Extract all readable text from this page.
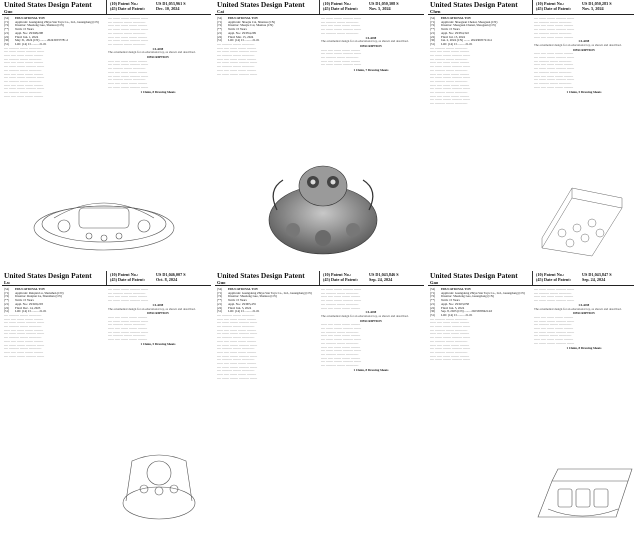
United States Design Patent
Guo
(10) Patent No.:	US D1,053,961 S
(45) Date of Patent:	Dec. 10, 2024
(54)	EDUCATIONAL TOY
(71)	Applicant: Guangdong Zhiyu Star Toys Co., Ltd., Guangdong (CN)
(72)	Inventor: Shaofeng Guo, Shantou (CN)
(**)	Term: 15 Years
(21)	Appl. No.: 29/948,298
(22)	Filed: Jun. 1, 2024
(30)	May 31, 2024 (CN) ........ 202430337781.2
(51)	LOC (14) Cl. ........ 21-01
---- ---------- -------- ------------
---- ------- -------- ---------- -------
------ ----- ------- -------- ---------
---- ---------- -------- ------------
------ ----- ------- -------- ---------
---- ------- -------- ---------- -------
---- ---------- -------- ------------
------ ----- ------- -------- ---------
---- ------- -------- ---------- -------
---- ---------- -------- ------------
------ ----- ------- -------- ---------
---- ------- -------- ---------- -------
---- ---------- -------- ------------
------ ----- ------- -------- ---------
---- ------- -------- ---------- -------
---- ---------- -------- ------------
------ ----- ------- -------- ---------
---- ------- -------- ---------- -------
---- ---------- -------- ------------
------ ----- ------- -------- ---------
---- ------- -------- ---------- -------
---- ---------- -------- ------------
CLAIM
The ornamental design for an educational toy, as shown and described.
DESCRIPTION
------ ----- ------- -------- ---------
---- ------- -------- ---------- -------
---- ---------- -------- ------------
------ ----- ------- -------- ---------
---- ------- -------- ---------- -------
---- ---------- -------- ------------
------ ----- ------- -------- ---------
---- ------- -------- ---------- -------
1 Claim, 8 Drawing Sheets
United States Design Patent
Cai
(10) Patent No.:	US D1,050,308 S
(45) Date of Patent:	Nov. 5, 2024
(54)	EDUCATIONAL TOY
(71)	Applicant: Shaojie Cai, Shantou (CN)
(72)	Inventor: Shaojie Cai, Shantou (CN)
(**)	Term: 15 Years
(21)	Appl. No.: 29/954,299
(22)	Filed: Mar. 15, 2024
(51)	LOC (14) Cl. ........ 21-01
---- ---------- -------- ------------
------ ----- ------- -------- ---------
---- ------- -------- ---------- -------
---- ---------- -------- ------------
------ ----- ------- -------- ---------
---- ------- -------- ---------- -------
---- ---------- -------- ------------
------ ----- ------- -------- ---------
---- ------- -------- ---------- -------
---- ------- -------- ---------- -------
---- ---------- -------- ------------
------ ----- ------- -------- ---------
---- ------- -------- ---------- -------
---- ---------- -------- ------------
CLAIM
The ornamental design for an educational toy, as shown and described.
DESCRIPTION
------ ----- ------- -------- ---------
---- ------- -------- ---------- -------
---- ---------- -------- ------------
------ ----- ------- -------- ---------
---- ------- -------- ---------- -------
1 Claim, 7 Drawing Sheets
United States Design Patent
Chen
(10) Patent No.:	US D1,050,283 S
(45) Date of Patent:	Nov. 5, 2024
(54)	EDUCATIONAL TOY
(71)	Applicant: Shaoguan Chenai, Shaoguan (CN)
(72)	Inventor: Shaoguan Chenai, Shaoguan (CN)
(**)	Term: 15 Years
(21)	Appl. No.: 29/954,322
(22)	Filed: Jul. 13, 2024
(30)	Jan. 2, 2024 (CN) ........ 202430057210.4
(51)	LOC (14) Cl. ........ 21-01
---- ---------- -------- ------------
------ ----- ------- -------- ---------
---- ------- -------- ---------- -------
---- ---------- -------- ------------
------ ----- ------- -------- ---------
---- ------- -------- ---------- -------
---- ---------- -------- ------------
------ ----- ------- -------- ---------
---- ------- -------- ---------- -------
---- ---------- -------- ------------
------ ----- ------- -------- ---------
---- ------- -------- ---------- -------
---- ---------- -------- ------------
------ ----- ------- -------- ---------
---- ------- -------- ---------- -------
---- ---------- -------- ------------
---- ------- -------- ---------- -------
---- ---------- -------- ------------
------ ----- ------- -------- ---------
---- ------- -------- ---------- -------
---- ---------- -------- ------------
------ ----- ------- -------- ---------
CLAIM
The ornamental design for an educational toy, as shown and described.
DESCRIPTION
------ ----- ------- -------- ---------
---- ------- -------- ---------- -------
---- ---------- -------- ------------
------ ----- ------- -------- ---------
---- ------- -------- ---------- -------
---- ---------- -------- ------------
------ ----- ------- -------- ---------
---- ------- -------- ---------- -------
---- ---------- -------- ------------
------ ----- ------- -------- ---------
1 Claim, 5 Drawing Sheets
United States Design Patent
Lu
(10) Patent No.:	US D1,046,007 S
(45) Date of Patent:	Oct. 8, 2024
(54)	EDUCATIONAL TOY
(71)	Applicant: Ruiqian Lu, Shenzhen (CN)
(72)	Inventor: Ruiqian Lu, Shenzhen (CN)
(**)	Term: 15 Years
(21)	Appl. No.: 29/929,203
(22)	Filed: Dec. 14, 2023
(51)	LOC (14) Cl. ........ 21-01
---- ---------- -------- ------------
------ ----- ------- -------- ---------
---- ------- -------- ---------- -------
---- ---------- -------- ------------
------ ----- ------- -------- ---------
---- ------- -------- ---------- -------
---- ---------- -------- ------------
------ ----- ------- -------- ---------
---- ------- -------- ---------- -------
---- ---------- -------- ------------
------ ----- ------- -------- ---------
---- ------- -------- ---------- -------
---- ------- -------- ---------- -------
---- ---------- -------- ------------
------ ----- ------- -------- ---------
---- ------- -------- ---------- -------
CLAIM
The ornamental design for an educational toy, as shown and described.
DESCRIPTION
------ ----- ------- -------- ---------
---- ------- -------- ---------- -------
---- ---------- -------- ------------
------ ----- ------- -------- ---------
---- ------- -------- ---------- -------
---- ---------- -------- ------------
------ ----- ------- -------- ---------
1 Claim, 5 Drawing Sheets
United States Design Patent
Guo
(10) Patent No.:	US D1,043,846 S
(45) Date of Patent:	Sep. 24, 2024
(54)	EDUCATIONAL TOY
(71)	Applicant: Guangdong Zhiyu Star Toys Co., Ltd., Guangdong (CN)
(72)	Inventor: Shaofeng Guo, Shantou (CN)
(**)	Term: 15 Years
(21)	Appl. No.: 29/905,455
(22)	Filed: Jun. 5, 2024
(51)	LOC (14) Cl. ........ 21-01
---- ---------- -------- ------------
------ ----- ------- -------- ---------
---- ------- -------- ---------- -------
---- ---------- -------- ------------
------ ----- ------- -------- ---------
---- ------- -------- ---------- -------
---- ---------- -------- ------------
------ ----- ------- -------- ---------
---- ------- -------- ---------- -------
---- ---------- -------- ------------
------ ----- ------- -------- ---------
---- ------- -------- ---------- -------
---- ---------- -------- ------------
------ ----- ------- -------- ---------
---- ------- -------- ---------- -------
---- ---------- -------- ------------
------ ----- ------- -------- ---------
---- ------- -------- ---------- -------
---- ------- -------- ---------- -------
---- ---------- -------- ------------
------ ----- ------- -------- ---------
---- ------- -------- ---------- -------
---- ---------- -------- ------------
------ ----- ------- -------- ---------
CLAIM
The ornamental design for an educational toy, as shown and described.
DESCRIPTION
------ ----- ------- -------- ---------
---- ------- -------- ---------- -------
---- ---------- -------- ------------
------ ----- ------- -------- ---------
---- ------- -------- ---------- -------
---- ---------- -------- ------------
------ ----- ------- -------- ---------
---- ------- -------- ---------- -------
---- ---------- -------- ------------
------ ----- ------- -------- ---------
---- ------- -------- ---------- -------
---- ---------- -------- ------------
1 Claim, 8 Drawing Sheets
United States Design Patent
Gao
(10) Patent No.:	US D1,043,847 S
(45) Date of Patent:	Sep. 24, 2024
(54)	EDUCATIONAL TOY
(71)	Applicant: Guangdong Zhiyu Star Toys Co., Ltd., Guangdong (CN)
(72)	Inventor: Shaofeng Gao, Guangdong (CN)
(**)	Term: 15 Years
(21)	Appl. No.: 29/923,058
(22)	Filed: Jun. 5, 2024
(30)	Sep. 8, 2023 (CN) ........ 202330584214.0
(51)	LOC (14) Cl. ........ 21-01
---- ---------- -------- ------------
------ ----- ------- -------- ---------
---- ------- -------- ---------- -------
---- ---------- -------- ------------
------ ----- ------- -------- ---------
---- ------- -------- ---------- -------
---- ---------- -------- ------------
------ ----- ------- -------- ---------
---- ------- -------- ---------- -------
---- ---------- -------- ------------
------ ----- ------- -------- ---------
---- ------- -------- ---------- -------
---- ------- -------- ---------- -------
---- ---------- -------- ------------
------ ----- ------- -------- ---------
---- ------- -------- ---------- -------
CLAIM
The ornamental design for an educational toy, as shown and described.
DESCRIPTION
------ ----- ------- -------- ---------
---- ------- -------- ---------- -------
---- ---------- -------- ------------
------ ----- ------- -------- ---------
---- ------- -------- ---------- -------
---- ---------- -------- ------------
------ ----- ------- -------- ---------
---- ------- -------- ---------- -------
1 Claim, 8 Drawing Sheets
